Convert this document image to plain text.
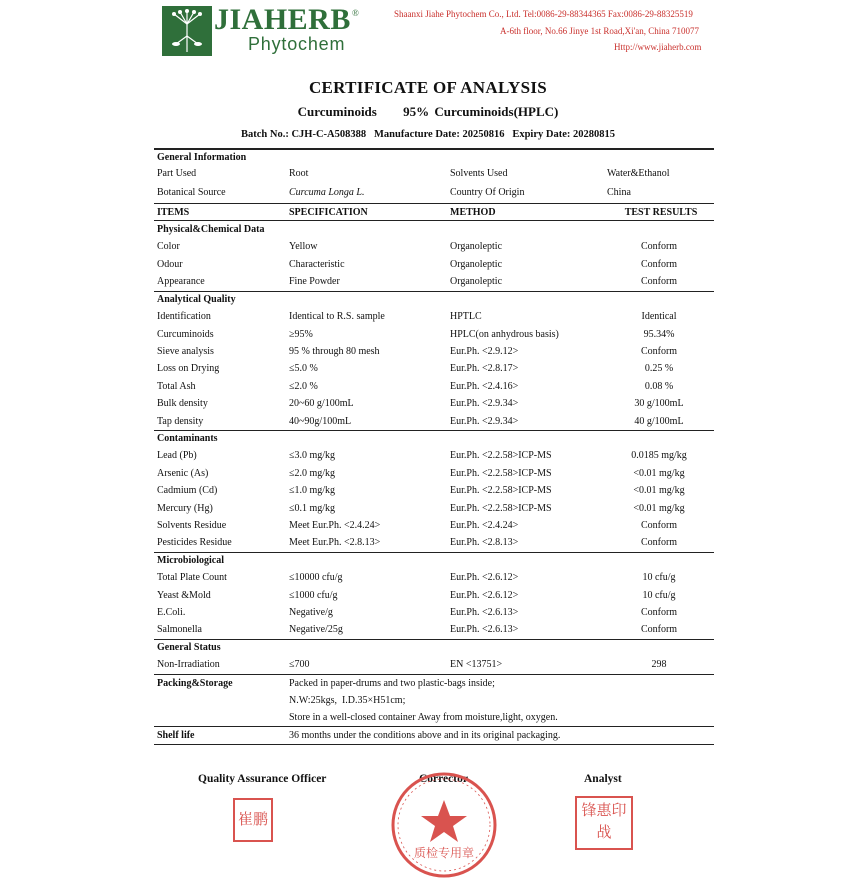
JIAHERB ®
Phytochem
Shaanxi Jiahe Phytochem Co., Ltd. Tel:0086-29-88344365 Fax:0086-29-88325519
A-6th floor, No.66 Jinye 1st Road,Xi'an, China 710077
Http://www.jiaherb.com
CERTIFICATE OF ANALYSIS
Curcuminoids     95% Curcuminoids(HPLC)
Batch No.: CJH-C-A508388   Manufacture Date: 20250816   Expiry Date: 20280815
General Information
Part Used	Root	Solvents Used	Water&Ethanol
Botanical Source	Curcuma Longa L.	Country Of Origin	China
ITEMS	SPECIFICATION	METHOD	TEST RESULTS
Physical&Chemical Data
Color	Yellow	Organoleptic	Conform
Odour	Characteristic	Organoleptic	Conform
Appearance	Fine Powder	Organoleptic	Conform
Analytical Quality
Identification	Identical to R.S. sample	HPTLC	Identical
Curcuminoids	≥95%	HPLC(on anhydrous basis)	95.34%
Sieve analysis	95 % through 80 mesh	Eur.Ph. <2.9.12>	Conform
Loss on Drying	≤5.0 %	Eur.Ph. <2.8.17>	0.25 %
Total Ash	≤2.0 %	Eur.Ph. <2.4.16>	0.08 %
Bulk density	20~60 g/100mL	Eur.Ph. <2.9.34>	30 g/100mL
Tap density	40~90g/100mL	Eur.Ph. <2.9.34>	40 g/100mL
Contaminants
Lead (Pb)	≤3.0 mg/kg	Eur.Ph. <2.2.58>ICP-MS	0.0185 mg/kg
Arsenic (As)	≤2.0 mg/kg	Eur.Ph. <2.2.58>ICP-MS	<0.01 mg/kg
Cadmium (Cd)	≤1.0 mg/kg	Eur.Ph. <2.2.58>ICP-MS	<0.01 mg/kg
Mercury (Hg)	≤0.1 mg/kg	Eur.Ph. <2.2.58>ICP-MS	<0.01 mg/kg
Solvents Residue	Meet Eur.Ph. <2.4.24>	Eur.Ph. <2.4.24>	Conform
Pesticides Residue	Meet Eur.Ph. <2.8.13>	Eur.Ph. <2.8.13>	Conform
Microbiological
Total Plate Count	≤10000 cfu/g	Eur.Ph. <2.6.12>	10 cfu/g
Yeast &Mold	≤1000 cfu/g	Eur.Ph. <2.6.12>	10 cfu/g
E.Coli.	Negative/g	Eur.Ph. <2.6.13>	Conform
Salmonella	Negative/25g	Eur.Ph. <2.6.13>	Conform
General Status
Non-Irradiation	≤700	EN <13751>	298
Packing&Storage	Packed in paper-drums and two plastic-bags inside;
N.W:25kgs,  I.D.35×H51cm;
Store in a well-closed container Away from moisture,light, oxygen.
Shelf life	36 months under the conditions above and in its original packaging.
Quality Assurance Officer	Corrector	Analyst
崔鹏
质检专用章
锋惠印战
